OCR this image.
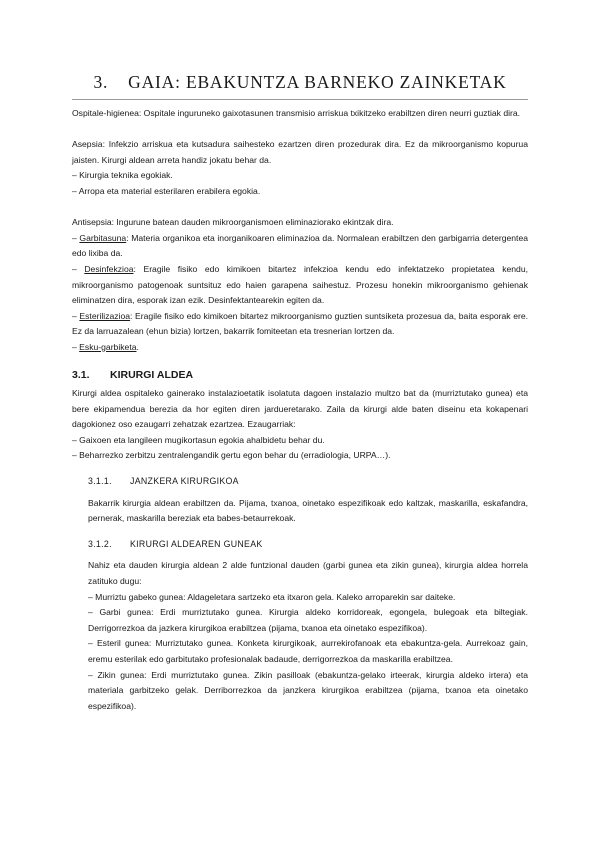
3. GAIA: EBAKUNTZA BARNEKO ZAINKETAK

Ospitale-higienea: Ospitale inguruneko gaixotasunen transmisio arriskua txikitzeko erabiltzen diren neurri guztiak dira.

Asepsia: Infekzio arriskua eta kutsadura saihesteko ezartzen diren prozedurak dira. Ez da mikroorganismo kopurua jaisten. Kirurgi aldean arreta handiz jokatu behar da.

– Kirurgia teknika egokiak.

– Arropa eta material esterilaren erabilera egokia.

Antisepsia: Ingurune batean dauden mikroorganismoen eliminaziorako ekintzak dira.

– Garbitasuna: Materia organikoa eta inorganikoaren eliminazioa da. Normalean erabiltzen den garbigarria detergentea edo lixiba da.

– Desinfekzioa: Eragile fisiko edo kimikoen bitartez infekzioa kendu edo infektatzeko propietatea kendu, mikroorganismo patogenoak suntsituz edo haien garapena saihestuz. Prozesu honekin mikroorganismo gehienak eliminatzen dira, esporak izan ezik. Desinfektantearekin egiten da.

– Esterilizazioa: Eragile fisiko edo kimikoen bitartez mikroorganismo guztien suntsiketa prozesua da, baita esporak ere. Ez da larruazalean (ehun bizia) lortzen, bakarrik fomiteetan eta tresnerian lortzen da.

– Esku-garbiketa.

3.1. KIRURGI ALDEA

Kirurgi aldea ospitaleko gainerako instalazioetatik isolatuta dagoen instalazio multzo bat da (murriztutako gunea) eta bere ekipamendua berezia da hor egiten diren jardueretarako. Zaila da kirurgi alde baten diseinu eta kokapenari dagokionez oso ezaugarri zehatzak ezartzea. Ezaugarriak:

– Gaixoen eta langileen mugikortasun egokia ahalbidetu behar du.

– Beharrezko zerbitzu zentralengandik gertu egon behar du (erradiologia, URPA…).

3.1.1. JANZKERA KIRURGIKOA

Bakarrik kirurgia aldean erabiltzen da. Pijama, txanoa, oinetako espezifikoak edo kaltzak, maskarilla, eskafandra, pernerak, maskarilla bereziak eta babes-betaurrekoak.

3.1.2. KIRURGI ALDEAREN GUNEAK

Nahiz eta dauden kirurgia aldean 2 alde funtzional dauden (garbi gunea eta zikin gunea), kirurgia aldea horrela zatituko dugu:

– Murriztu gabeko gunea: Aldageletara sartzeko eta itxaron gela. Kaleko arroparekin sar daiteke.

– Garbi gunea: Erdi murriztutako gunea. Kirurgia aldeko korridoreak, egongela, bulegoak eta biltegiak. Derrigorrezkoa da jazkera kirurgikoa erabiltzea (pijama, txanoa eta oinetako espezifikoa).

– Esteril gunea: Murriztutako gunea. Konketa kirurgikoak, aurrekirofanoak eta ebakuntza-gela. Aurrekoaz gain, eremu esterilak edo garbitutako profesionalak badaude, derrigorrezkoa da maskarilla erabiltzea.

– Zikin gunea: Erdi murriztutako gunea. Zikin pasilloak (ebakuntza-gelako irteerak, kirurgia aldeko irtera) eta materiala garbitzeko gelak. Derriborrezkoa da janzkera kirurgikoa erabiltzea (pijama, txanoa eta oinetako espezifikoa).
